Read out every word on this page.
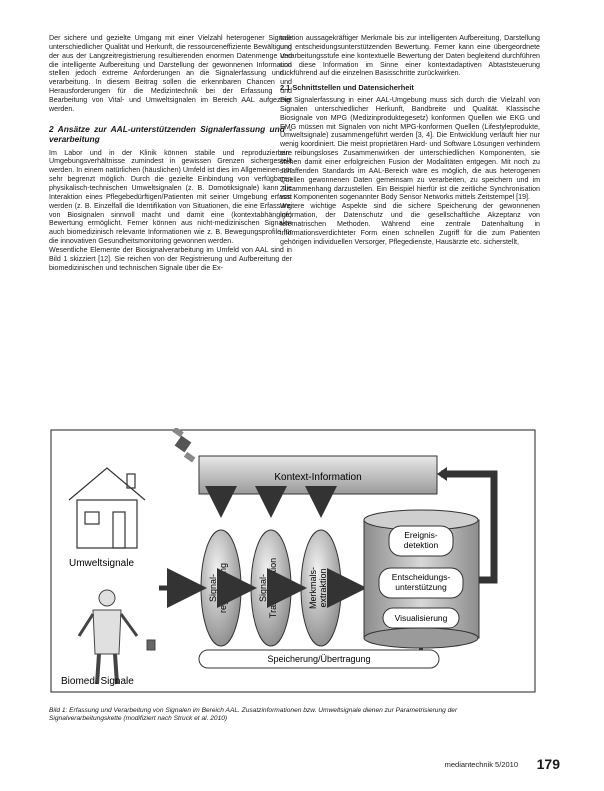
Der sichere und gezielte Umgang mit einer Vielzahl heterogener Signale unterschiedlicher Qualität und Herkunft, die ressourceneffiziente Bewältigung der aus der Langzeitregistrierung resultierenden enormen Datenmenge und die intelligente Aufbereitung und Darstellung der gewonnenen Information stellen jedoch extreme Anforderungen an die Signalerfassung und -verarbeitung. In diesem Beitrag sollen die erkennbaren Chancen und Herausforderungen für die Medizintechnik bei der Erfassung und Bearbeitung von Vital- und Umweltsignalen im Bereich AAL aufgezeigt werden.

2 Ansätze zur AAL-unterstützenden Signalerfassung und -verarbeitung

Im Labor und in der Klinik können stabile und reproduzierbare Umgebungsverhältnisse zumindest in gewissen Grenzen sichergestellt werden. In einem natürlichen (häuslichen) Umfeld ist dies im Allgemeinen nur sehr begrenzt möglich. Durch die gezielte Einbindung von verfügbaren physikalisch-technischen Umweltsignalen (z. B. Domotiksignale) kann die Interaktion eines Pflegebedürftigen/Patienten mit seiner Umgebung erfasst werden (z. B. Einzelfall die Identifikation von Situationen, die eine Erfassung von Biosignalen sinnvoll macht und damit eine (kontextabhängige) Bewertung ermöglicht. Ferner können aus nicht-medizinischen Signalen auch biomedizinisch relevante Informationen wie z. B. Bewegungsprofile für die innovativen Gesundheitsmonitoring gewonnen werden.

Wesentliche Elemente der Biosignalverarbeitung im Umfeld von AAL sind in Bild 1 skizziert [12]. Sie reichen von der Registrierung und Aufbereitung der biomedizinischen und technischen Signale über die Ex-

traktion aussagekräftiger Merkmale bis zur intelligenten Aufbereitung, Darstellung und entscheidungsunterstützenden Bewertung. Ferner kann eine übergeordnete Verarbeitungsstufe eine kontextuelle Bewertung der Daten begleitend durchführen und diese Information im Sinne einer kontextadaptiven Abtaststeuerung rückführend auf die einzelnen Basisschritte zurückwirken.

2.1 Schnittstellen und Datensicherheit

Die Signalerfassung in einer AAL-Umgebung muss sich durch die Vielzahl von Signalen unterschiedlicher Herkunft, Bandbreite und Qualität. Klassische Biosignale von MPG (Medizinproduktegesetz) konformen Quellen wie EKG und EMG müssen mit Signalen von nicht MPG-konformen Quellen (Lifestyleprodukte, Umweltsignale) zusammengeführt werden [3, 4]. Die Entwicklung verläuft hier nur wenig koordiniert. Die meist proprietären Hard- und Software Lösungen verhindern ein reibungsloses Zusammenwirken der unterschiedlichen Komponenten, sie stehen damit einer erfolgreichen Fusion der Modalitäten entgegen. Mit noch zu schaffenden Standards im AAL-Bereich wäre es möglich, die aus heterogenen Quellen gewonnenen Daten gemeinsam zu verarbeiten, zu speichern und im Zusammenhang darzustellen. Ein Beispiel hierfür ist die zeitliche Synchronisation von Komponenten sogenannter Body Sensor Networks mittels Zeitstempel [19].

Weitere wichtige Aspekte sind die sichere Speicherung der gewonnenen Information, der Datenschutz und die gesellschaftliche Akzeptanz von telematrischen Methoden. Während eine zentrale Datenhaltung in informationsverdichteter Form einen schnellen Zugriff für die zum Patienten gehörigen individuellen Versorger, Pflegedienste, Hausärzte etc. sicherstellt,

Kontext-Information
Signal-registrierung	Signal-Transformation	Merkmals-extraktion
Ereignis-detektion
Entscheidungs-unterstützung
Visualisierung
Speicherung/Übertragung
Umweltsignale
Biomed. Signale

Bild 1: Erfassung und Verarbeitung von Signalen im Bereich AAL. Zusatzinformationen bzw. Umweltsignale dienen zur Parametrisierung der Signalverarbeitungskette (modifiziert nach Struck et al. 2010)

mediantechnik 5/2010 179
